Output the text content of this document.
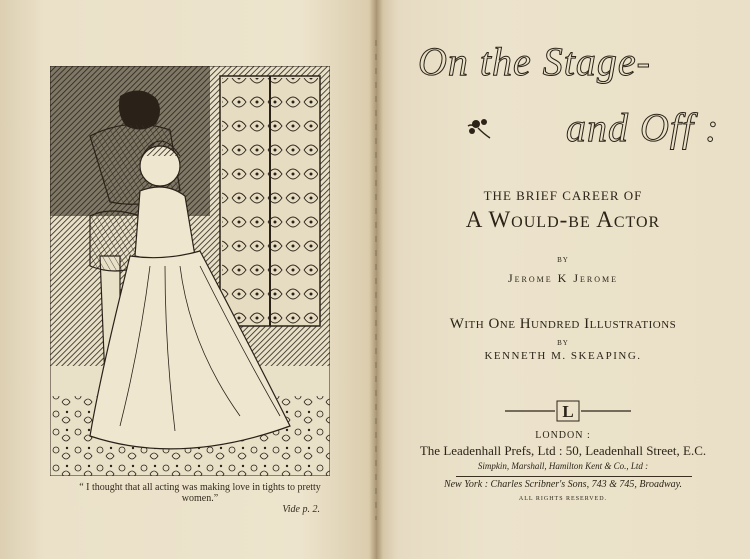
“ I thought that all acting was making love in tights to pretty women.”
Vide p. 2.
On the Stage-
and Off :
THE BRIEF CAREER OF
A Would-be Actor
BY
Jerome K Jerome
With One Hundred Illustrations
BY
KENNETH M. SKEAPING.
L
LONDON :
The Leadenhall Prefs, Ltd : 50, Leadenhall Street, E.C.
Simpkin, Marshall, Hamilton Kent & Co., Ltd :
New York : Charles Scribner's Sons, 743 & 745, Broadway.
ALL RIGHTS RESERVED.
